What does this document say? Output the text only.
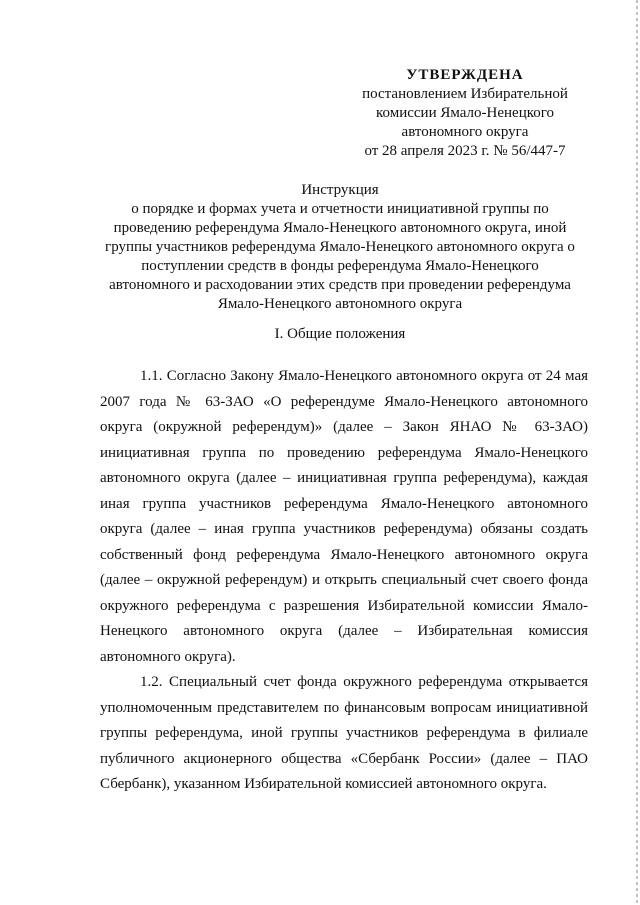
УТВЕРЖДЕНА
постановлением Избирательной
комиссии Ямало-Ненецкого
автономного округа
от 28 апреля 2023 г. № 56/447-7
Инструкция
о порядке и формах учета и отчетности инициативной группы по проведению референдума Ямало-Ненецкого автономного округа, иной группы участников референдума Ямало-Ненецкого автономного округа о поступлении средств в фонды референдума Ямало-Ненецкого автономного и расходовании этих средств при проведении референдума Ямало-Ненецкого автономного округа
I. Общие положения

1.1. Согласно Закону Ямало-Ненецкого автономного округа от 24 мая 2007 года № 63-ЗАО «О референдуме Ямало-Ненецкого автономного округа (окружной референдум)» (далее – Закон ЯНАО № 63-ЗАО) инициативная группа по проведению референдума Ямало-Ненецкого автономного округа (далее – инициативная группа референдума), каждая иная группа участников референдума Ямало-Ненецкого автономного округа (далее – иная группа участников референдума) обязаны создать собственный фонд референдума Ямало-Ненецкого автономного округа (далее – окружной референдум) и открыть специальный счет своего фонда окружного референдума с разрешения Избирательной комиссии Ямало-Ненецкого автономного округа (далее – Избирательная комиссия автономного округа).

1.2. Специальный счет фонда окружного референдума открывается уполномоченным представителем по финансовым вопросам инициативной группы референдума, иной группы участников референдума в филиале публичного акционерного общества «Сбербанк России» (далее – ПАО Сбербанк), указанном Избирательной комиссией автономного округа.
